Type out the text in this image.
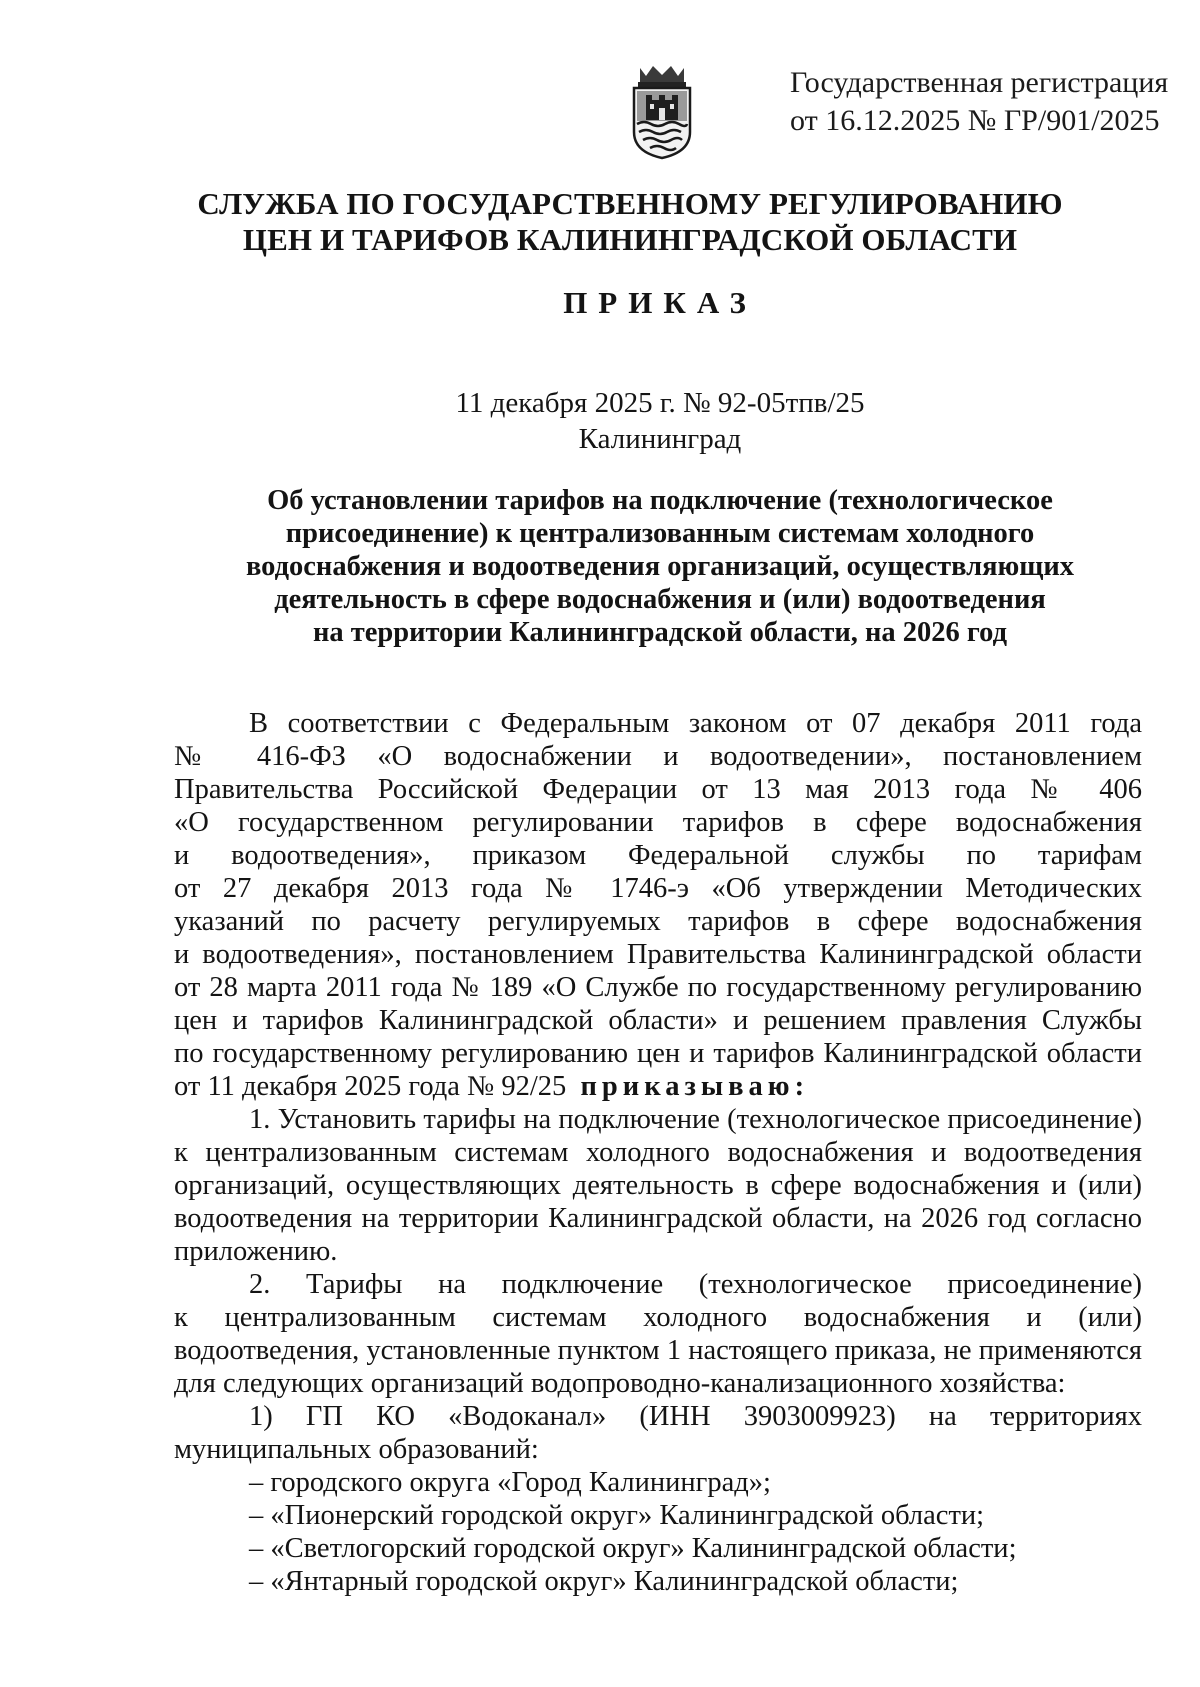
Государственная регистрация
от 16.12.2025 № ГР/901/2025
СЛУЖБА ПО ГОСУДАРСТВЕННОМУ РЕГУЛИРОВАНИЮ
ЦЕН И ТАРИФОВ КАЛИНИНГРАДСКОЙ ОБЛАСТИ
ПРИКАЗ
11 декабря 2025 г. № 92-05тпв/25
Калининград
Об установлении тарифов на подключение (технологическое
присоединение) к централизованным системам холодного
водоснабжения и водоотведения организаций, осуществляющих
деятельность в сфере водоснабжения и (или) водоотведения
на территории Калининградской области, на 2026 год
В соответствии с Федеральным законом от 07 декабря 2011 года
№ 416-ФЗ «О водоснабжении и водоотведении», постановлением
Правительства Российской Федерации от 13 мая 2013 года № 406
«О государственном регулировании тарифов в сфере водоснабжения
и водоотведения», приказом Федеральной службы по тарифам
от 27 декабря 2013 года № 1746-э «Об утверждении Методических
указаний по расчету регулируемых тарифов в сфере водоснабжения
и водоотведения», постановлением Правительства Калининградской области
от 28 марта 2011 года № 189 «О Службе по государственному регулированию
цен и тарифов Калининградской области» и решением правления Службы
по государственному регулированию цен и тарифов Калининградской области
от 11 декабря 2025 года № 92/25 приказываю:
1. Установить тарифы на подключение (технологическое присоединение)
к централизованным системам холодного водоснабжения и водоотведения
организаций, осуществляющих деятельность в сфере водоснабжения и (или)
водоотведения на территории Калининградской области, на 2026 год согласно
приложению.
2. Тарифы на подключение (технологическое присоединение)
к централизованным системам холодного водоснабжения и (или)
водоотведения, установленные пунктом 1 настоящего приказа, не применяются
для следующих организаций водопроводно-канализационного хозяйства:
1) ГП КО «Водоканал» (ИНН 3903009923) на территориях
муниципальных образований:
– городского округа «Город Калининград»;
– «Пионерский городской округ» Калининградской области;
– «Светлогорский городской округ» Калининградской области;
– «Янтарный городской округ» Калининградской области;
